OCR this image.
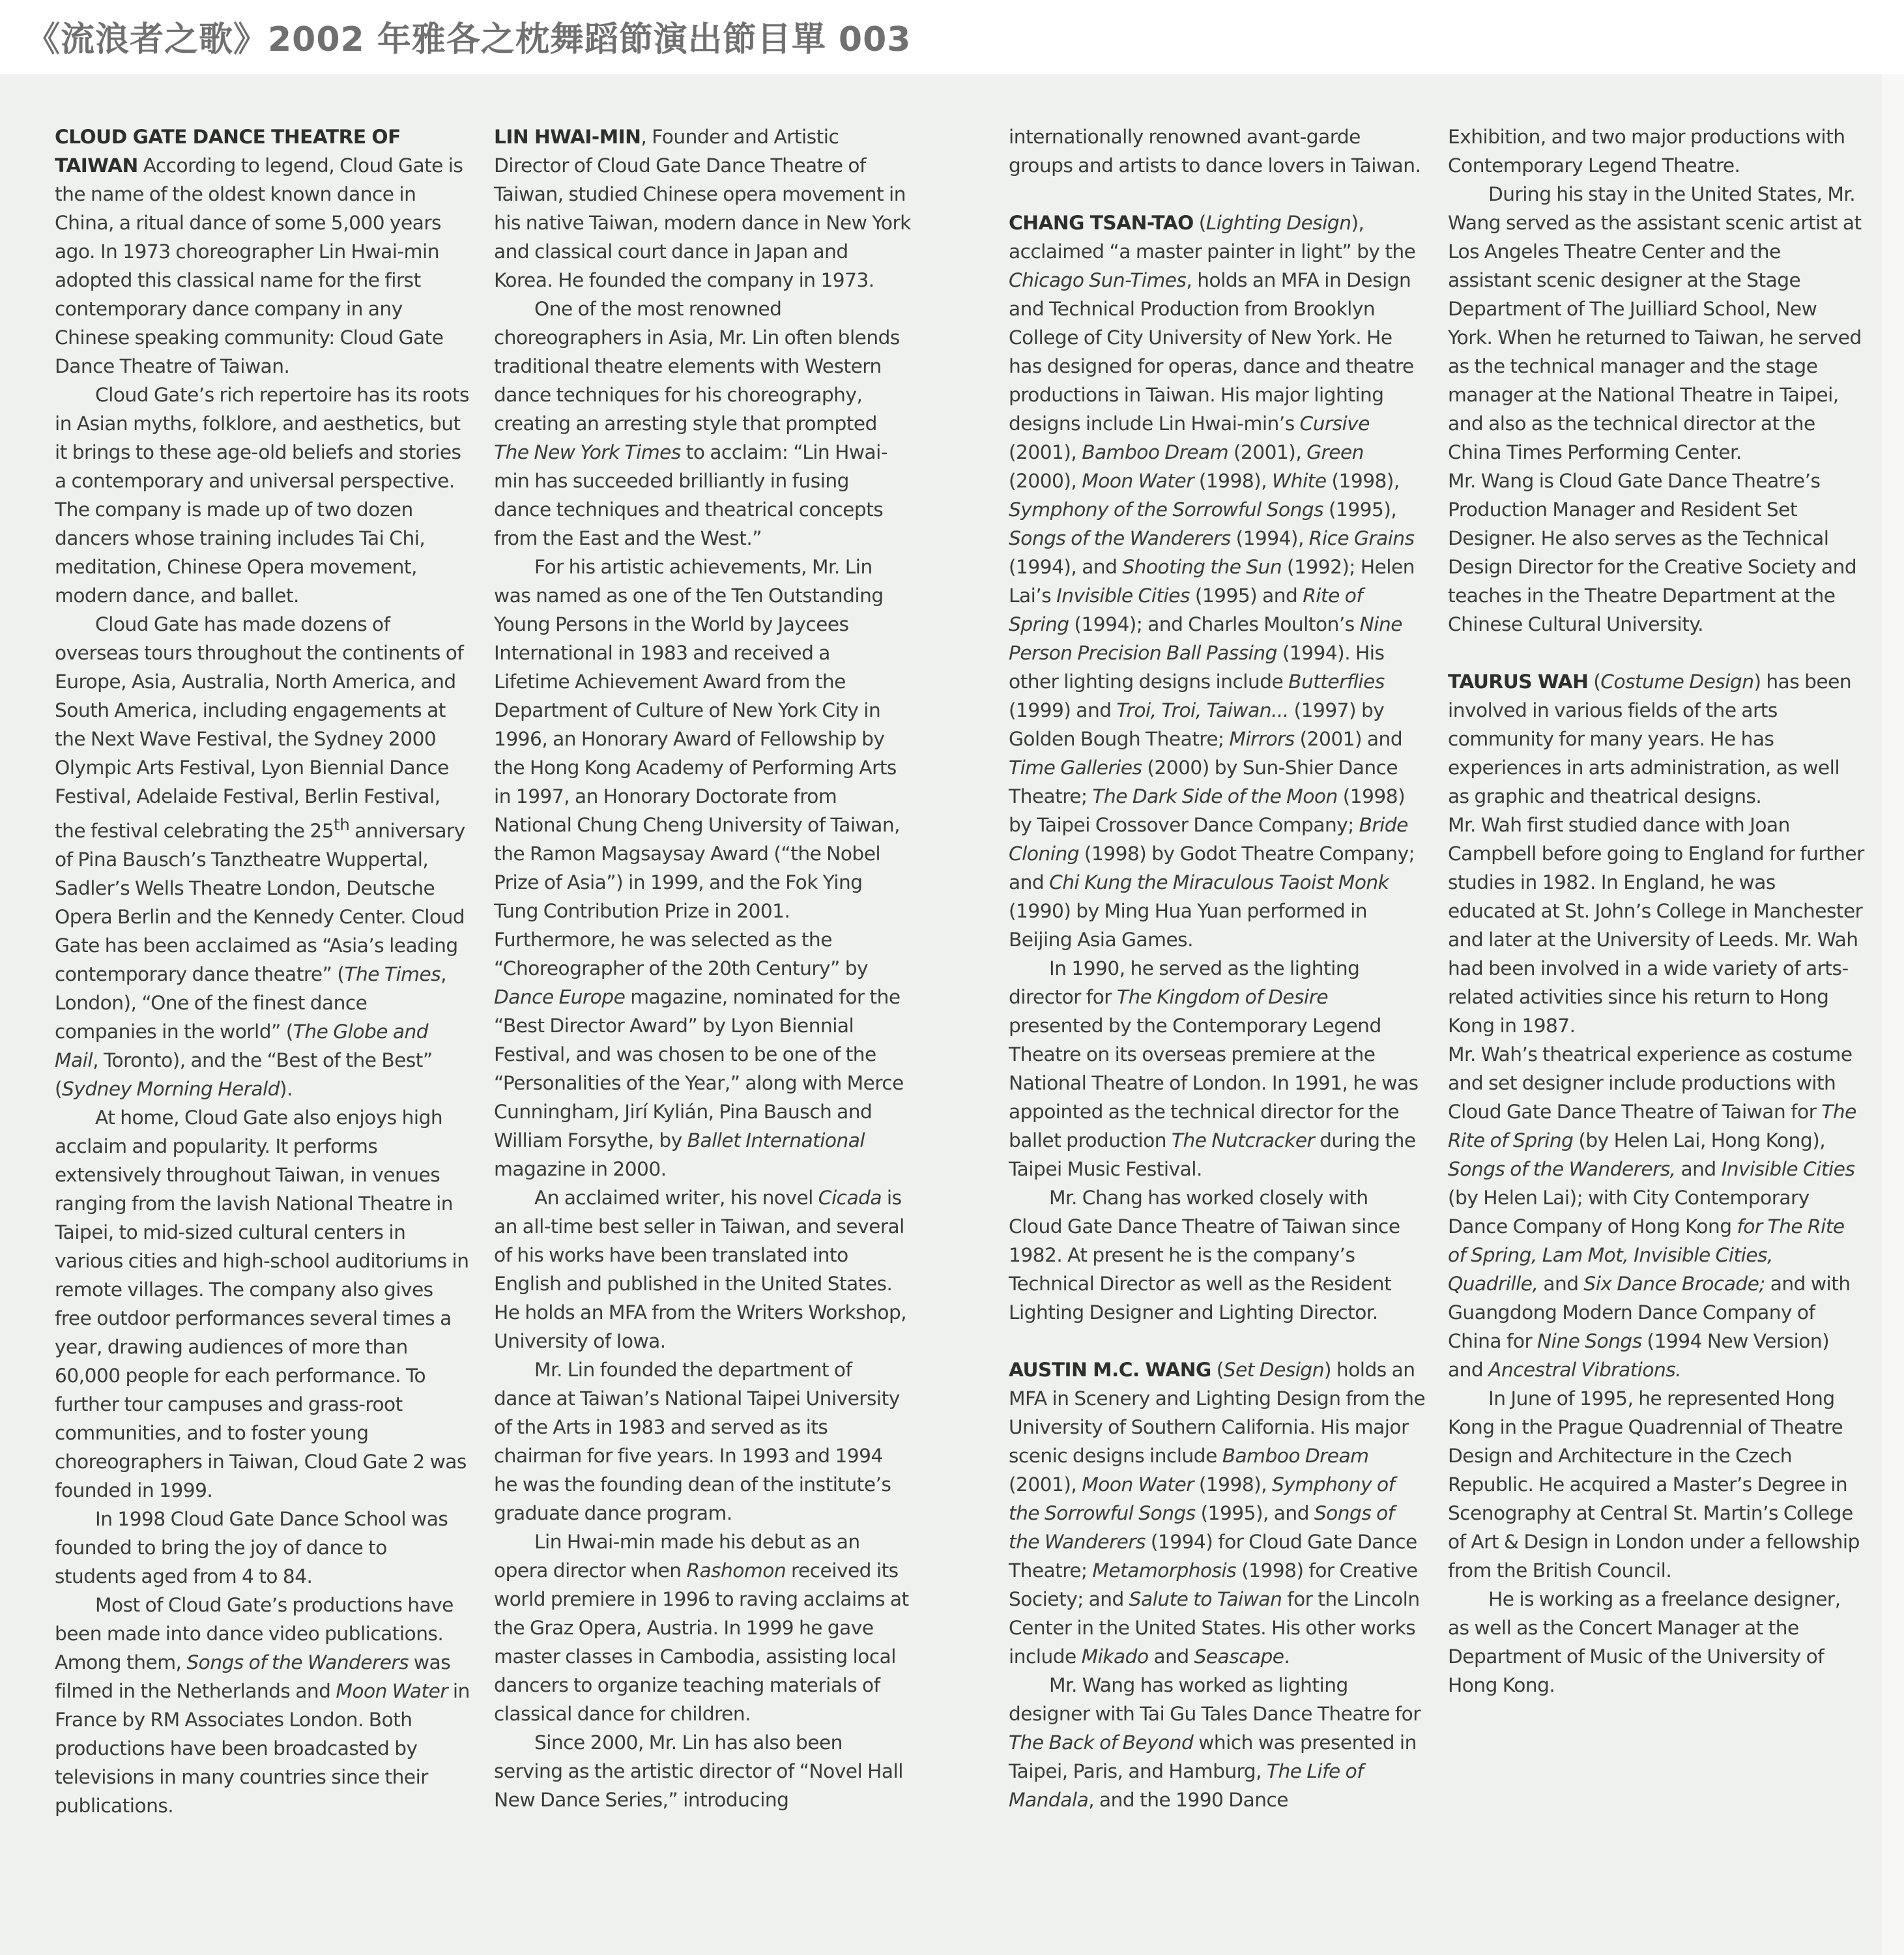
《流浪者之歌》2002 年雅各之枕舞蹈節演出節目單 003

CLOUD GATE DANCE THEATRE OF TAIWAN According to legend, Cloud Gate is the name of the oldest known dance in China, a ritual dance of some 5,000 years ago. In 1973 choreographer Lin Hwai-min adopted this classical name for the first contemporary dance company in any Chinese speaking community: Cloud Gate Dance Theatre of Taiwan.

Cloud Gate’s rich repertoire has its roots in Asian myths, folklore, and aesthetics, but it brings to these age-old beliefs and stories a contemporary and universal perspective. The company is made up of two dozen dancers whose training includes Tai Chi, meditation, Chinese Opera movement, modern dance, and ballet.

Cloud Gate has made dozens of overseas tours throughout the continents of Europe, Asia, Australia, North America, and South America, including engagements at the Next Wave Festival, the Sydney 2000 Olympic Arts Festival, Lyon Biennial Dance Festival, Adelaide Festival, Berlin Festival, the festival celebrating the 25th anniversary of Pina Bausch’s Tanztheatre Wuppertal, Sadler’s Wells Theatre London, Deutsche Opera Berlin and the Kennedy Center. Cloud Gate has been acclaimed as “Asia’s leading contemporary dance theatre” (The Times, London), “One of the finest dance companies in the world” (The Globe and Mail, Toronto), and the “Best of the Best” (Sydney Morning Herald).

At home, Cloud Gate also enjoys high acclaim and popularity. It performs extensively throughout Taiwan, in venues ranging from the lavish National Theatre in Taipei, to mid-sized cultural centers in various cities and high-school auditoriums in remote villages. The company also gives free outdoor performances several times a year, drawing audiences of more than 60,000 people for each performance. To further tour campuses and grass-root communities, and to foster young choreographers in Taiwan, Cloud Gate 2 was founded in 1999.

In 1998 Cloud Gate Dance School was founded to bring the joy of dance to students aged from 4 to 84.

Most of Cloud Gate’s productions have been made into dance video publications. Among them, Songs of the Wanderers was filmed in the Netherlands and Moon Water in France by RM Associates London. Both productions have been broadcasted by televisions in many countries since their publications.

LIN HWAI-MIN, Founder and Artistic Director of Cloud Gate Dance Theatre of Taiwan, studied Chinese opera movement in his native Taiwan, modern dance in New York and classical court dance in Japan and Korea. He founded the company in 1973.

One of the most renowned choreographers in Asia, Mr. Lin often blends traditional theatre elements with Western dance techniques for his choreography, creating an arresting style that prompted The New York Times to acclaim: “Lin Hwai-min has succeeded brilliantly in fusing dance techniques and theatrical concepts from the East and the West.”

For his artistic achievements, Mr. Lin was named as one of the Ten Outstanding Young Persons in the World by Jaycees International in 1983 and received a Lifetime Achievement Award from the Department of Culture of New York City in 1996, an Honorary Award of Fellowship by the Hong Kong Academy of Performing Arts in 1997, an Honorary Doctorate from National Chung Cheng University of Taiwan, the Ramon Magsaysay Award (“the Nobel Prize of Asia”) in 1999, and the Fok Ying Tung Contribution Prize in 2001. Furthermore, he was selected as the “Choreographer of the 20th Century” by Dance Europe magazine, nominated for the “Best Director Award” by Lyon Biennial Festival, and was chosen to be one of the “Personalities of the Year,” along with Merce Cunningham, Jirí Kylián, Pina Bausch and William Forsythe, by Ballet International magazine in 2000.

An acclaimed writer, his novel Cicada is an all-time best seller in Taiwan, and several of his works have been translated into English and published in the United States. He holds an MFA from the Writers Workshop, University of Iowa.

Mr. Lin founded the department of dance at Taiwan’s National Taipei University of the Arts in 1983 and served as its chairman for five years. In 1993 and 1994 he was the founding dean of the institute’s graduate dance program.

Lin Hwai-min made his debut as an opera director when Rashomon received its world premiere in 1996 to raving acclaims at the Graz Opera, Austria. In 1999 he gave master classes in Cambodia, assisting local dancers to organize teaching materials of classical dance for children.

Since 2000, Mr. Lin has also been serving as the artistic director of “Novel Hall New Dance Series,” introducing

internationally renowned avant-garde groups and artists to dance lovers in Taiwan.

CHANG TSAN-TAO (Lighting Design), acclaimed “a master painter in light” by the Chicago Sun-Times, holds an MFA in Design and Technical Production from Brooklyn College of City University of New York. He has designed for operas, dance and theatre productions in Taiwan. His major lighting designs include Lin Hwai-min’s Cursive (2001), Bamboo Dream (2001), Green (2000), Moon Water (1998), White (1998), Symphony of the Sorrowful Songs (1995), Songs of the Wanderers (1994), Rice Grains (1994), and Shooting the Sun (1992); Helen Lai’s Invisible Cities (1995) and Rite of Spring (1994); and Charles Moulton’s Nine Person Precision Ball Passing (1994). His other lighting designs include Butterflies (1999) and Troi, Troi, Taiwan... (1997) by Golden Bough Theatre; Mirrors (2001) and Time Galleries (2000) by Sun-Shier Dance Theatre; The Dark Side of the Moon (1998) by Taipei Crossover Dance Company; Bride Cloning (1998) by Godot Theatre Company; and Chi Kung the Miraculous Taoist Monk (1990) by Ming Hua Yuan performed in Beijing Asia Games.

In 1990, he served as the lighting director for The Kingdom of Desire presented by the Contemporary Legend Theatre on its overseas premiere at the National Theatre of London. In 1991, he was appointed as the technical director for the ballet production The Nutcracker during the Taipei Music Festival.

Mr. Chang has worked closely with Cloud Gate Dance Theatre of Taiwan since 1982. At present he is the company’s Technical Director as well as the Resident Lighting Designer and Lighting Director.

AUSTIN M.C. WANG (Set Design) holds an MFA in Scenery and Lighting Design from the University of Southern California. His major scenic designs include Bamboo Dream (2001), Moon Water (1998), Symphony of the Sorrowful Songs (1995), and Songs of the Wanderers (1994) for Cloud Gate Dance Theatre; Metamorphosis (1998) for Creative Society; and Salute to Taiwan for the Lincoln Center in the United States. His other works include Mikado and Seascape.

Mr. Wang has worked as lighting designer with Tai Gu Tales Dance Theatre for The Back of Beyond which was presented in Taipei, Paris, and Hamburg, The Life of Mandala, and the 1990 Dance

Exhibition, and two major productions with Contemporary Legend Theatre.

During his stay in the United States, Mr. Wang served as the assistant scenic artist at Los Angeles Theatre Center and the assistant scenic designer at the Stage Department of The Juilliard School, New York. When he returned to Taiwan, he served as the technical manager and the stage manager at the National Theatre in Taipei, and also as the technical director at the China Times Performing Center.

Mr. Wang is Cloud Gate Dance Theatre’s Production Manager and Resident Set Designer. He also serves as the Technical Design Director for the Creative Society and teaches in the Theatre Department at the Chinese Cultural University.

TAURUS WAH (Costume Design) has been involved in various fields of the arts community for many years. He has experiences in arts administration, as well as graphic and theatrical designs.

Mr. Wah first studied dance with Joan Campbell before going to England for further studies in 1982. In England, he was educated at St. John’s College in Manchester and later at the University of Leeds. Mr. Wah had been involved in a wide variety of arts-related activities since his return to Hong Kong in 1987.

Mr. Wah’s theatrical experience as costume and set designer include productions with Cloud Gate Dance Theatre of Taiwan for The Rite of Spring (by Helen Lai, Hong Kong), Songs of the Wanderers, and Invisible Cities (by Helen Lai); with City Contemporary Dance Company of Hong Kong for The Rite of Spring, Lam Mot, Invisible Cities, Quadrille, and Six Dance Brocade; and with Guangdong Modern Dance Company of China for Nine Songs (1994 New Version) and Ancestral Vibrations.

In June of 1995, he represented Hong Kong in the Prague Quadrennial of Theatre Design and Architecture in the Czech Republic. He acquired a Master’s Degree in Scenography at Central St. Martin’s College of Art & Design in London under a fellowship from the British Council.

He is working as a freelance designer, as well as the Concert Manager at the Department of Music of the University of Hong Kong.
